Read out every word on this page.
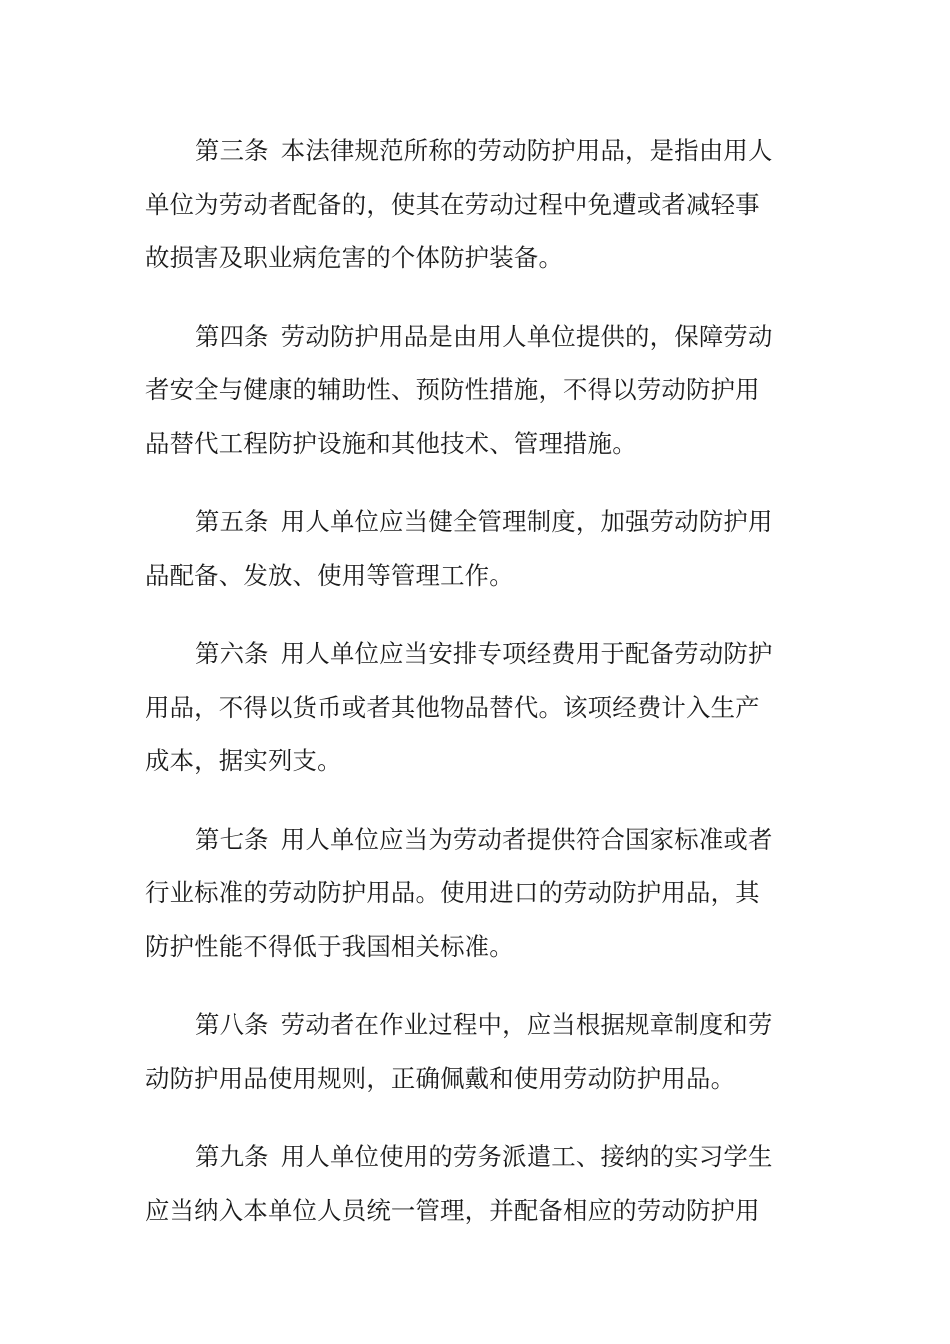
第三条 本法律规范所称的劳动防护用品，是指由用人
单位为劳动者配备的，使其在劳动过程中免遭或者减轻事
故损害及职业病危害的个体防护装备。
第四条 劳动防护用品是由用人单位提供的，保障劳动
者安全与健康的辅助性、预防性措施，不得以劳动防护用
品替代工程防护设施和其他技术、管理措施。
第五条 用人单位应当健全管理制度，加强劳动防护用
品配备、发放、使用等管理工作。
第六条 用人单位应当安排专项经费用于配备劳动防护
用品，不得以货币或者其他物品替代。该项经费计入生产
成本，据实列支。
第七条 用人单位应当为劳动者提供符合国家标准或者
行业标准的劳动防护用品。使用进口的劳动防护用品，其
防护性能不得低于我国相关标准。
第八条 劳动者在作业过程中，应当根据规章制度和劳
动防护用品使用规则，正确佩戴和使用劳动防护用品。
第九条 用人单位使用的劳务派遣工、接纳的实习学生
应当纳入本单位人员统一管理，并配备相应的劳动防护用
